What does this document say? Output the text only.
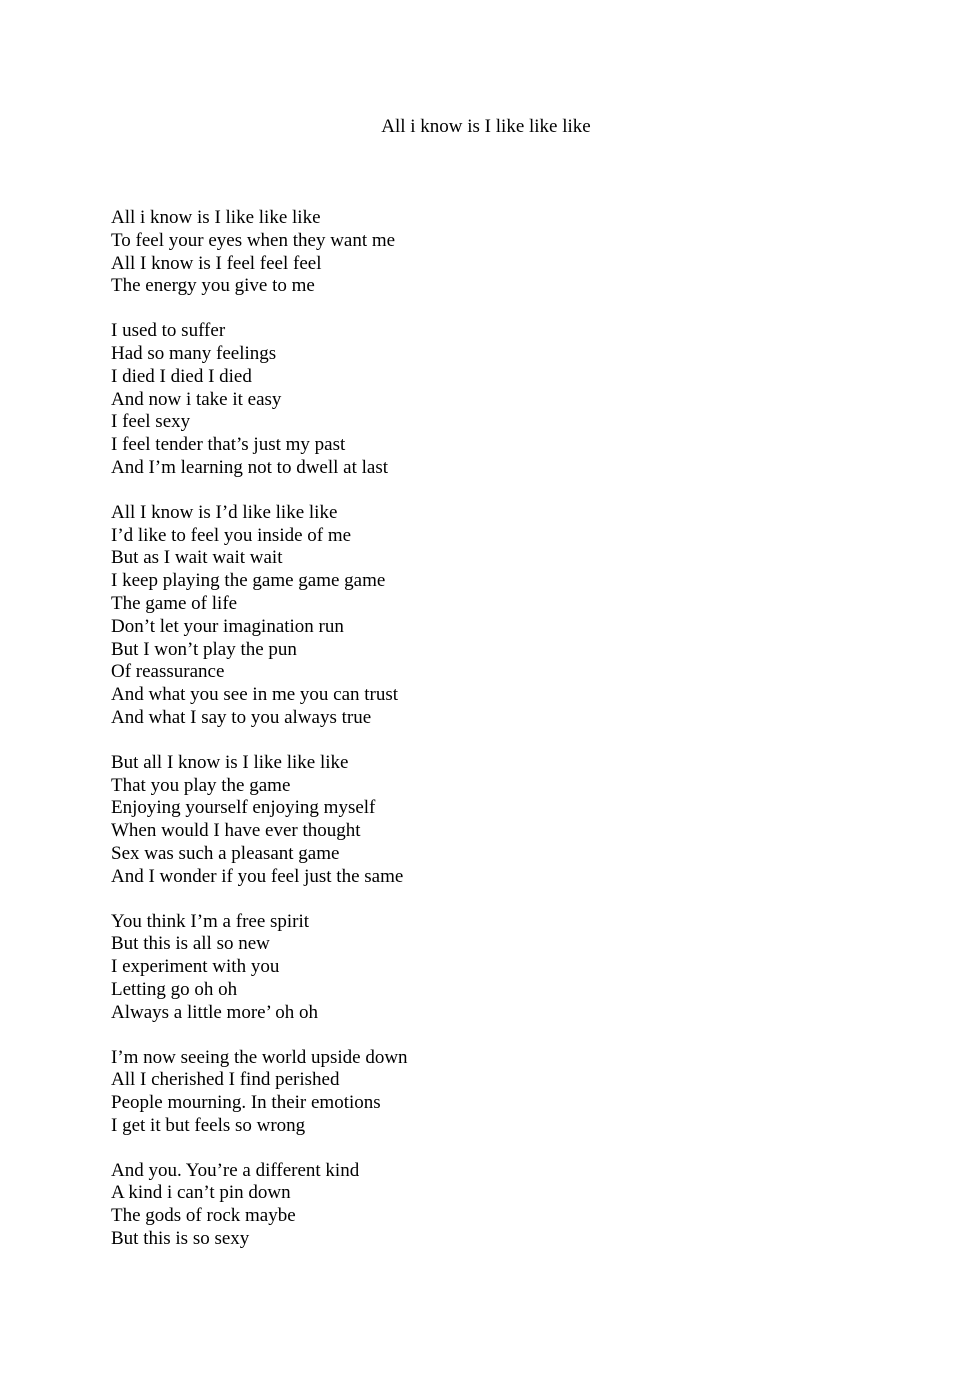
All i know is I like like like
All i know is I like like like
To feel your eyes when they want me
All I know is I feel feel feel
The energy you give to me
I used to suffer
Had so many feelings
I died I died I died
And now i take it easy
I feel sexy
I feel tender that’s just my past
And I’m learning not to dwell at last
All I know is I’d like like like
I’d like to feel you inside of me
But as I wait wait wait
I keep playing the game game game
The game of life
Don’t let your imagination run
But I won’t play the pun
Of reassurance
And what you see in me you can trust
And what I say to you always true
But all I know is I like like like
That you play the game
Enjoying yourself enjoying myself
When would I have ever thought
Sex was such a pleasant game
And I wonder if you feel just the same
You think I’m a free spirit
But this is all so new
I experiment with you
Letting go oh oh
Always a little more’ oh oh
I’m now seeing the world upside down
All I cherished I find perished
People mourning. In their emotions
I get it but feels so wrong
And you. You’re a different kind
A kind i can’t pin down
The gods of rock maybe
But this is so sexy
